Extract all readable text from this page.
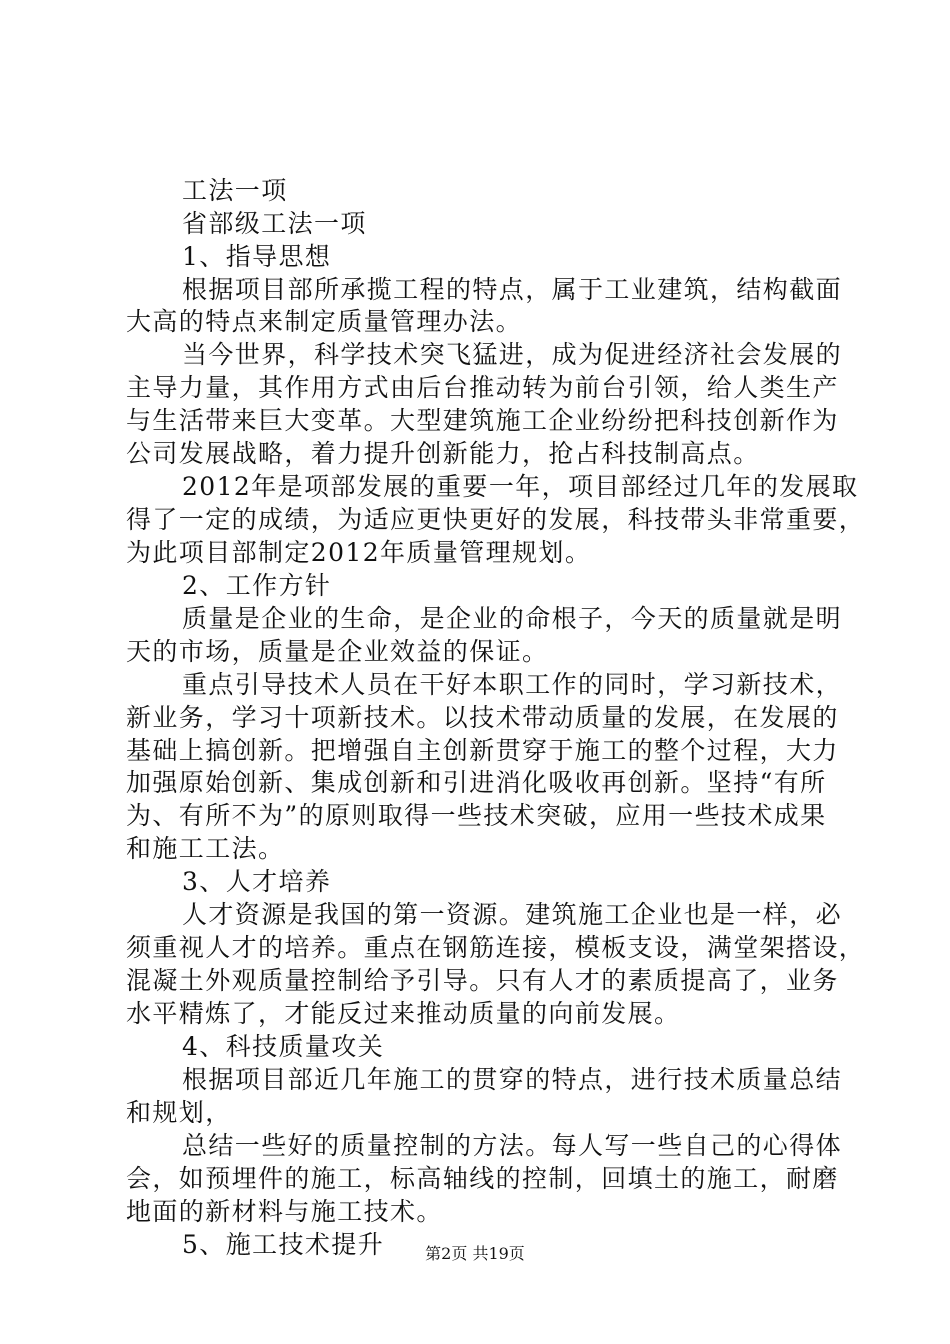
工法一项
省部级工法一项
1、指导思想
根据项目部所承揽工程的特点，属于工业建筑，结构截面
大高的特点来制定质量管理办法。
当今世界，科学技术突飞猛进，成为促进经济社会发展的
主导力量，其作用方式由后台推动转为前台引领，给人类生产
与生活带来巨大变革。大型建筑施工企业纷纷把科技创新作为
公司发展战略，着力提升创新能力，抢占科技制高点。
2012年是项部发展的重要一年，项目部经过几年的发展取
得了一定的成绩，为适应更快更好的发展，科技带头非常重要，
为此项目部制定2012年质量管理规划。
2、工作方针
质量是企业的生命，是企业的命根子，今天的质量就是明
天的市场，质量是企业效益的保证。
重点引导技术人员在干好本职工作的同时，学习新技术，
新业务，学习十项新技术。以技术带动质量的发展，在发展的
基础上搞创新。把增强自主创新贯穿于施工的整个过程，大力
加强原始创新、集成创新和引进消化吸收再创新。坚持“有所
为、有所不为”的原则取得一些技术突破，应用一些技术成果
和施工工法。
3、人才培养
人才资源是我国的第一资源。建筑施工企业也是一样，必
须重视人才的培养。重点在钢筋连接，模板支设，满堂架搭设，
混凝土外观质量控制给予引导。只有人才的素质提高了，业务
水平精炼了，才能反过来推动质量的向前发展。
4、科技质量攻关
根据项目部近几年施工的贯穿的特点，进行技术质量总结
和规划，
总结一些好的质量控制的方法。每人写一些自己的心得体
会，如预埋件的施工，标高轴线的控制，回填土的施工，耐磨
地面的新材料与施工技术。
5、施工技术提升	第2页 共19页
